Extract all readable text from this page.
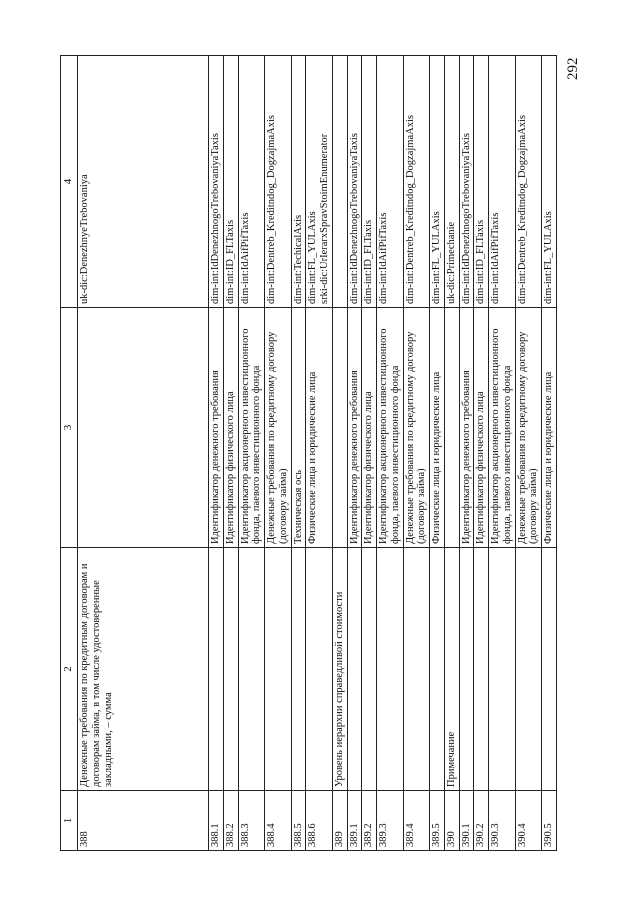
292
1	2	3	4
388	Денежные требования по кредитным договорам и договорам займа, в том числе удостоверенные закладными, – сумма		uk-dic:DenezhnyeTrebovaniya

388.1		Идентификатор денежного требования	dim-int:IdDenezhnogoTrebovaniyaTaxis

388.2		Идентификатор физического лица	dim-int:ID_FLTaxis

388.3		Идентификатор акционерного инвестиционного фонда, паевого инвестиционного фонда	dim-int:IdAifPifTaxis

388.4		Денежные требования по кредитному договору (договору займа)	dim-int:Dentreb_Kreditndog_DogzajmaAxis

388.5		Техническая ось	dim-int:TechicalAxis

388.6		Физические лица и юридические лица	dim-int:FL_YULAxis srki-dic:UrIerarxSpravStoimEnumerator

389	Уровень иерархии справедливой стоимости		
389.1		Идентификатор денежного требования	dim-int:IdDenezhnogoTrebovaniyaTaxis

389.2		Идентификатор физического лица	dim-int:ID_FLTaxis

389.3		Идентификатор акционерного инвестиционного фонда, паевого инвестиционного фонда	dim-int:IdAifPifTaxis

389.4		Денежные требования по кредитному договору (договору займа)	dim-int:Dentreb_Kreditndog_DogzajmaAxis

389.5		Физические лица и юридические лица	dim-int:FL_YULAxis

390	Примечание		uk-dic:Primechanie

390.1		Идентификатор денежного требования	dim-int:IdDenezhnogoTrebovaniyaTaxis

390.2		Идентификатор физического лица	dim-int:ID_FLTaxis

390.3		Идентификатор акционерного инвестиционного фонда, паевого инвестиционного фонда	dim-int:IdAifPifTaxis

390.4		Денежные требования по кредитному договору (договору займа)	dim-int:Dentreb_Kreditndog_DogzajmaAxis

390.5		Физические лица и юридические лица	dim-int:FL_YULAxis
